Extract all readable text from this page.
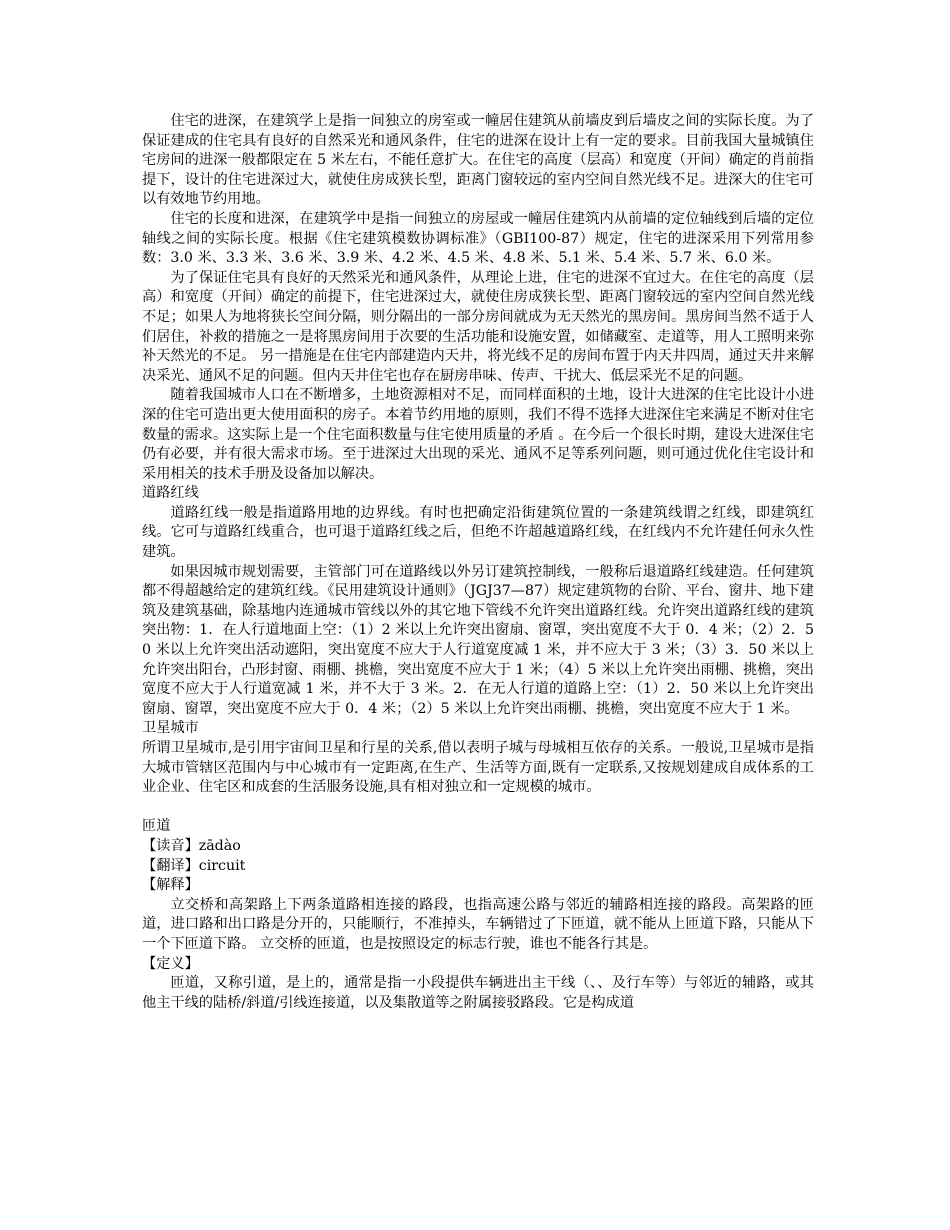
住宅的进深，在建筑学上是指一间独立的房室或一幢居住建筑从前墙皮到后墙皮之间的实际长度。为了保证建成的住宅具有良好的自然采光和通风条件，住宅的进深在设计上有一定的要求。目前我国大量城镇住宅房间的进深一般都限定在 5 米左右，不能任意扩大。在住宅的高度（层高）和宽度（开间）确定的肖前指提下，设计的住宅进深过大，就使住房成狭长型，距离门窗较远的室内空间自然光线不足。进深大的住宅可以有效地节约用地。

住宅的长度和进深，在建筑学中是指一间独立的房屋或一幢居住建筑内从前墙的定位轴线到后墙的定位轴线之间的实际长度。根据《住宅建筑模数协调标准》（GBI100-87）规定，住宅的进深采用下列常用参数：3.0 米、3.3 米、3.6 米、3.9 米、4.2 米、4.5 米、4.8 米、5.1 米、5.4 米、5.7 米、6.0 米。

为了保证住宅具有良好的天然采光和通风条件，从理论上进，住宅的进深不宜过大。在住宅的高度（层高）和宽度（开间）确定的前提下，住宅进深过大，就使住房成狭长型、距离门窗较远的室内空间自然光线不足；如果人为地将狭长空间分隔，则分隔出的一部分房间就成为无天然光的黑房间。黑房间当然不适于人们居住，补救的措施之一是将黑房间用于次要的生活功能和设施安置，如储藏室、走道等，用人工照明来弥补天然光的不足。 另一措施是在住宅内部建造内天井，将光线不足的房间布置于内天井四周，通过天井来解决采光、通风不足的问题。但内天井住宅也存在厨房串味、传声、干扰大、低层采光不足的问题。

随着我国城市人口在不断增多，土地资源相对不足，而同样面积的土地，设计大进深的住宅比设计小进深的住宅可造出更大使用面积的房子。本着节约用地的原则，我们不得不选择大进深住宅来满足不断对住宅数量的需求。这实际上是一个住宅面积数量与住宅使用质量的矛盾 。在今后一个很长时期，建设大进深住宅仍有必要，并有很大需求市场。至于进深过大出现的采光、通风不足等系列问题，则可通过优化住宅设计和采用相关的技术手册及设备加以解决。

道路红线

道路红线一般是指道路用地的边界线。有时也把确定沿街建筑位置的一条建筑线谓之红线，即建筑红线。它可与道路红线重合，也可退于道路红线之后，但绝不许超越道路红线，在红线内不允许建任何永久性建筑。

如果因城市规划需要，主管部门可在道路线以外另订建筑控制线，一般称后退道路红线建造。任何建筑都不得超越给定的建筑红线。《民用建筑设计通则》（JGJ37—87）规定建筑物的台阶、平台、窗井、地下建筑及建筑基础，除基地内连通城市管线以外的其它地下管线不允许突出道路红线。允许突出道路红线的建筑突出物：1．在人行道地面上空：（1）2 米以上允许突出窗扇、窗罩，突出宽度不大于 0．4 米；（2）2．50 米以上允许突出活动遮阳，突出宽度不应大于人行道宽度减 1 米，并不应大于 3 米；（3）3．50 米以上允许突出阳台，凸形封窗、雨棚、挑檐，突出宽度不应大于 1 米；（4）5 米以上允许突出雨棚、挑檐，突出宽度不应大于人行道宽减 1 米，并不大于 3 米。2．在无人行道的道路上空：（1）2．50 米以上允许突出窗扇、窗罩，突出宽度不应大于 0．4 米；（2）5 米以上允许突出雨棚、挑檐，突出宽度不应大于 1 米。

卫星城市

所谓卫星城市,是引用宇宙间卫星和行星的关系,借以表明子城与母城相互依存的关系。一般说,卫星城市是指大城市管辖区范围内与中心城市有一定距离,在生产、生活等方面,既有一定联系,又按规划建成自成体系的工业企业、住宅区和成套的生活服务设施,具有相对独立和一定规模的城市。

匝道

【读音】zādào

【翻译】circuit

【解释】

立交桥和高架路上下两条道路相连接的路段，也指高速公路与邻近的辅路相连接的路段。高架路的匝道，进口路和出口路是分开的，只能顺行，不准掉头，车辆错过了下匝道，就不能从上匝道下路，只能从下一个下匝道下路。 立交桥的匝道，也是按照设定的标志行驶，谁也不能各行其是。

【定义】

匝道，又称引道，是上的，通常是指一小段提供车辆进出主干线（、、及行车等）与邻近的辅路，或其他主干线的陆桥/斜道/引线连接道，以及集散道等之附属接驳路段。它是构成道
